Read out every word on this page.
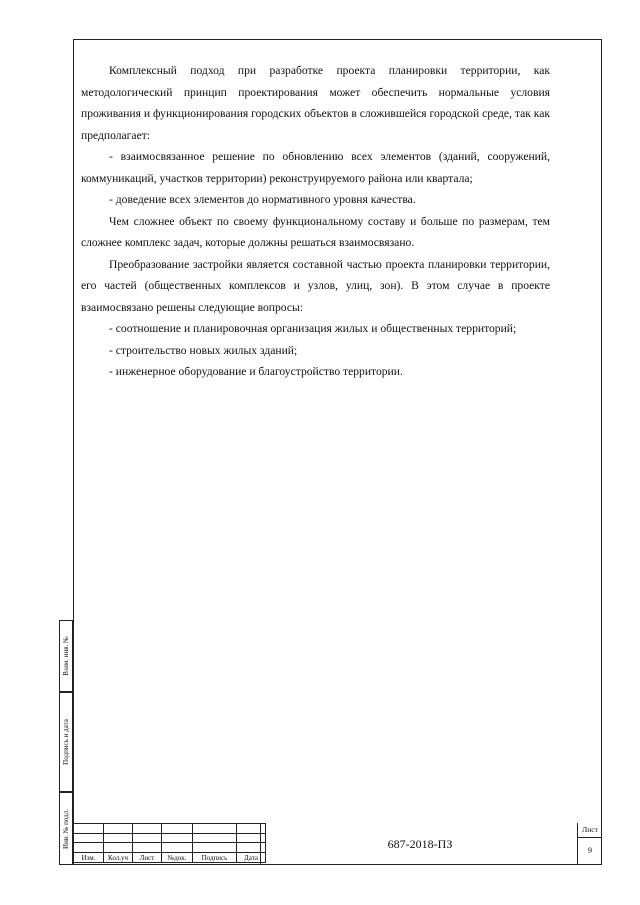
Комплексный подход при разработке проекта планировки территории, как методологический принцип проектирования может обеспечить нормальные условия проживания и функционирования городских объектов в сложившейся городской среде, так как предполагает:

- взаимосвязанное решение по обновлению всех элементов (зданий, сооружений, коммуникаций, участков территории) реконструируемого района или квартала;

- доведение всех элементов до нормативного уровня качества.

Чем сложнее объект по своему функциональному составу и больше по размерам, тем сложнее комплекс задач, которые должны решаться взаимосвязано.

Преобразование застройки является составной частью проекта планировки территории, его частей (общественных комплексов и узлов, улиц, зон). В этом случае в проекте взаимосвязано решены следующие вопросы:

- соотношение и планировочная организация жилых и общественных территорий;

- строительство новых жилых зданий;

- инженерное оборудование и благоустройство территории.

Взам. инв. №
Подпись и дата
Инв. № подл.

Изм.	Кол.уч	Лист	№док.	Подпись	Дата
687-2018-ПЗ
Лист
9
